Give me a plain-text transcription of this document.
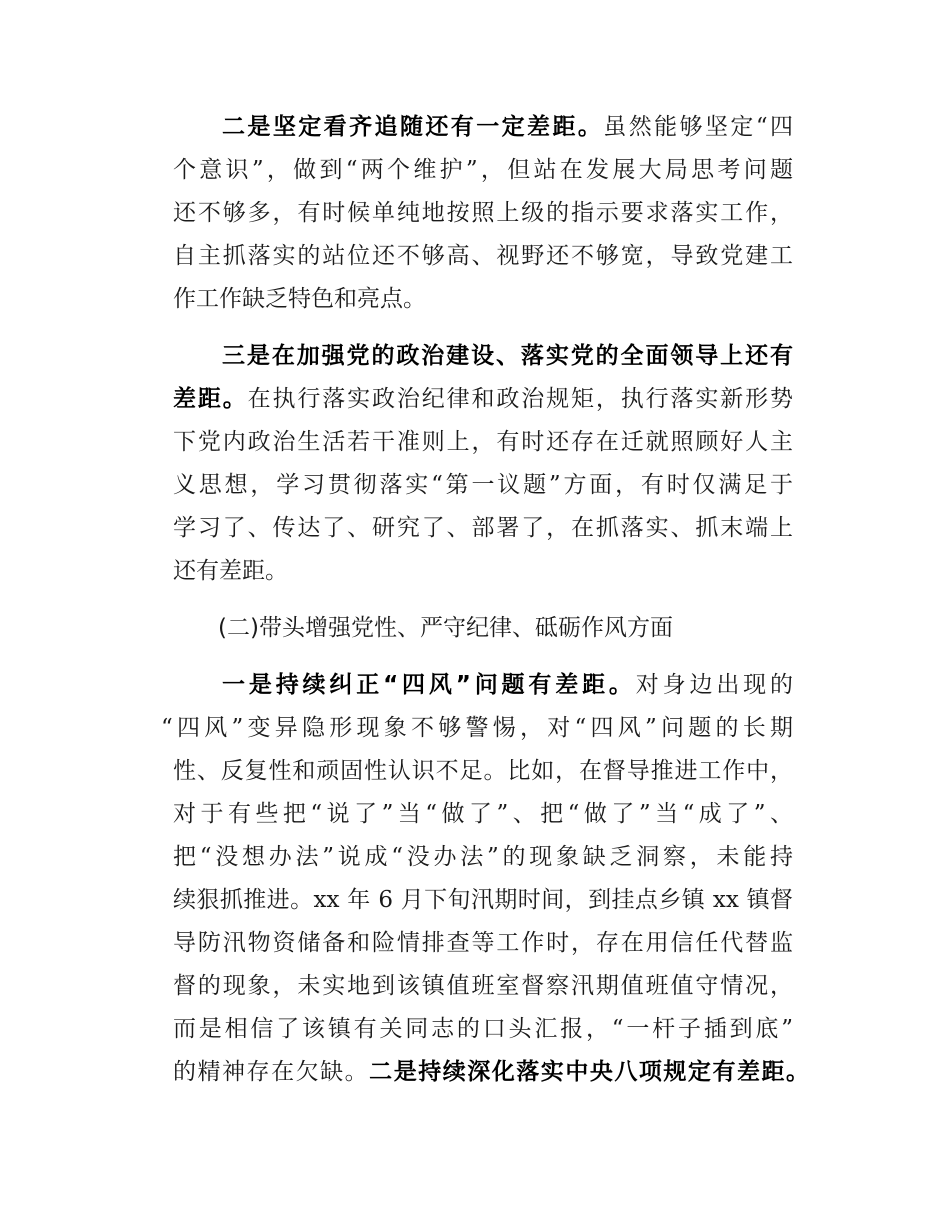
二是坚定看齐追随还有一定差距。虽然能够坚定“四
个意识”，做到“两个维护”，但站在发展大局思考问题
还不够多，有时候单纯地按照上级的指示要求落实工作，
自主抓落实的站位还不够高、视野还不够宽，导致党建工
作工作缺乏特色和亮点。
三是在加强党的政治建设、落实党的全面领导上还有
差距。在执行落实政治纪律和政治规矩，执行落实新形势
下党内政治生活若干准则上，有时还存在迁就照顾好人主
义思想，学习贯彻落实“第一议题”方面，有时仅满足于
学习了、传达了、研究了、部署了，在抓落实、抓末端上
还有差距。
(二)带头增强党性、严守纪律、砥砺作风方面
一是持续纠正“四风”问题有差距。对身边出现的
“四风”变异隐形现象不够警惕，对“四风”问题的长期
性、反复性和顽固性认识不足。比如，在督导推进工作中，
对于有些把“说了”当“做了”、把“做了”当“成了”、
把“没想办法”说成“没办法”的现象缺乏洞察，未能持
续狠抓推进。xx 年 6 月下旬汛期时间，到挂点乡镇 xx 镇督
导防汛物资储备和险情排查等工作时，存在用信任代替监
督的现象，未实地到该镇值班室督察汛期值班值守情况，
而是相信了该镇有关同志的口头汇报，“一杆子插到底”
的精神存在欠缺。二是持续深化落实中央八项规定有差距。
